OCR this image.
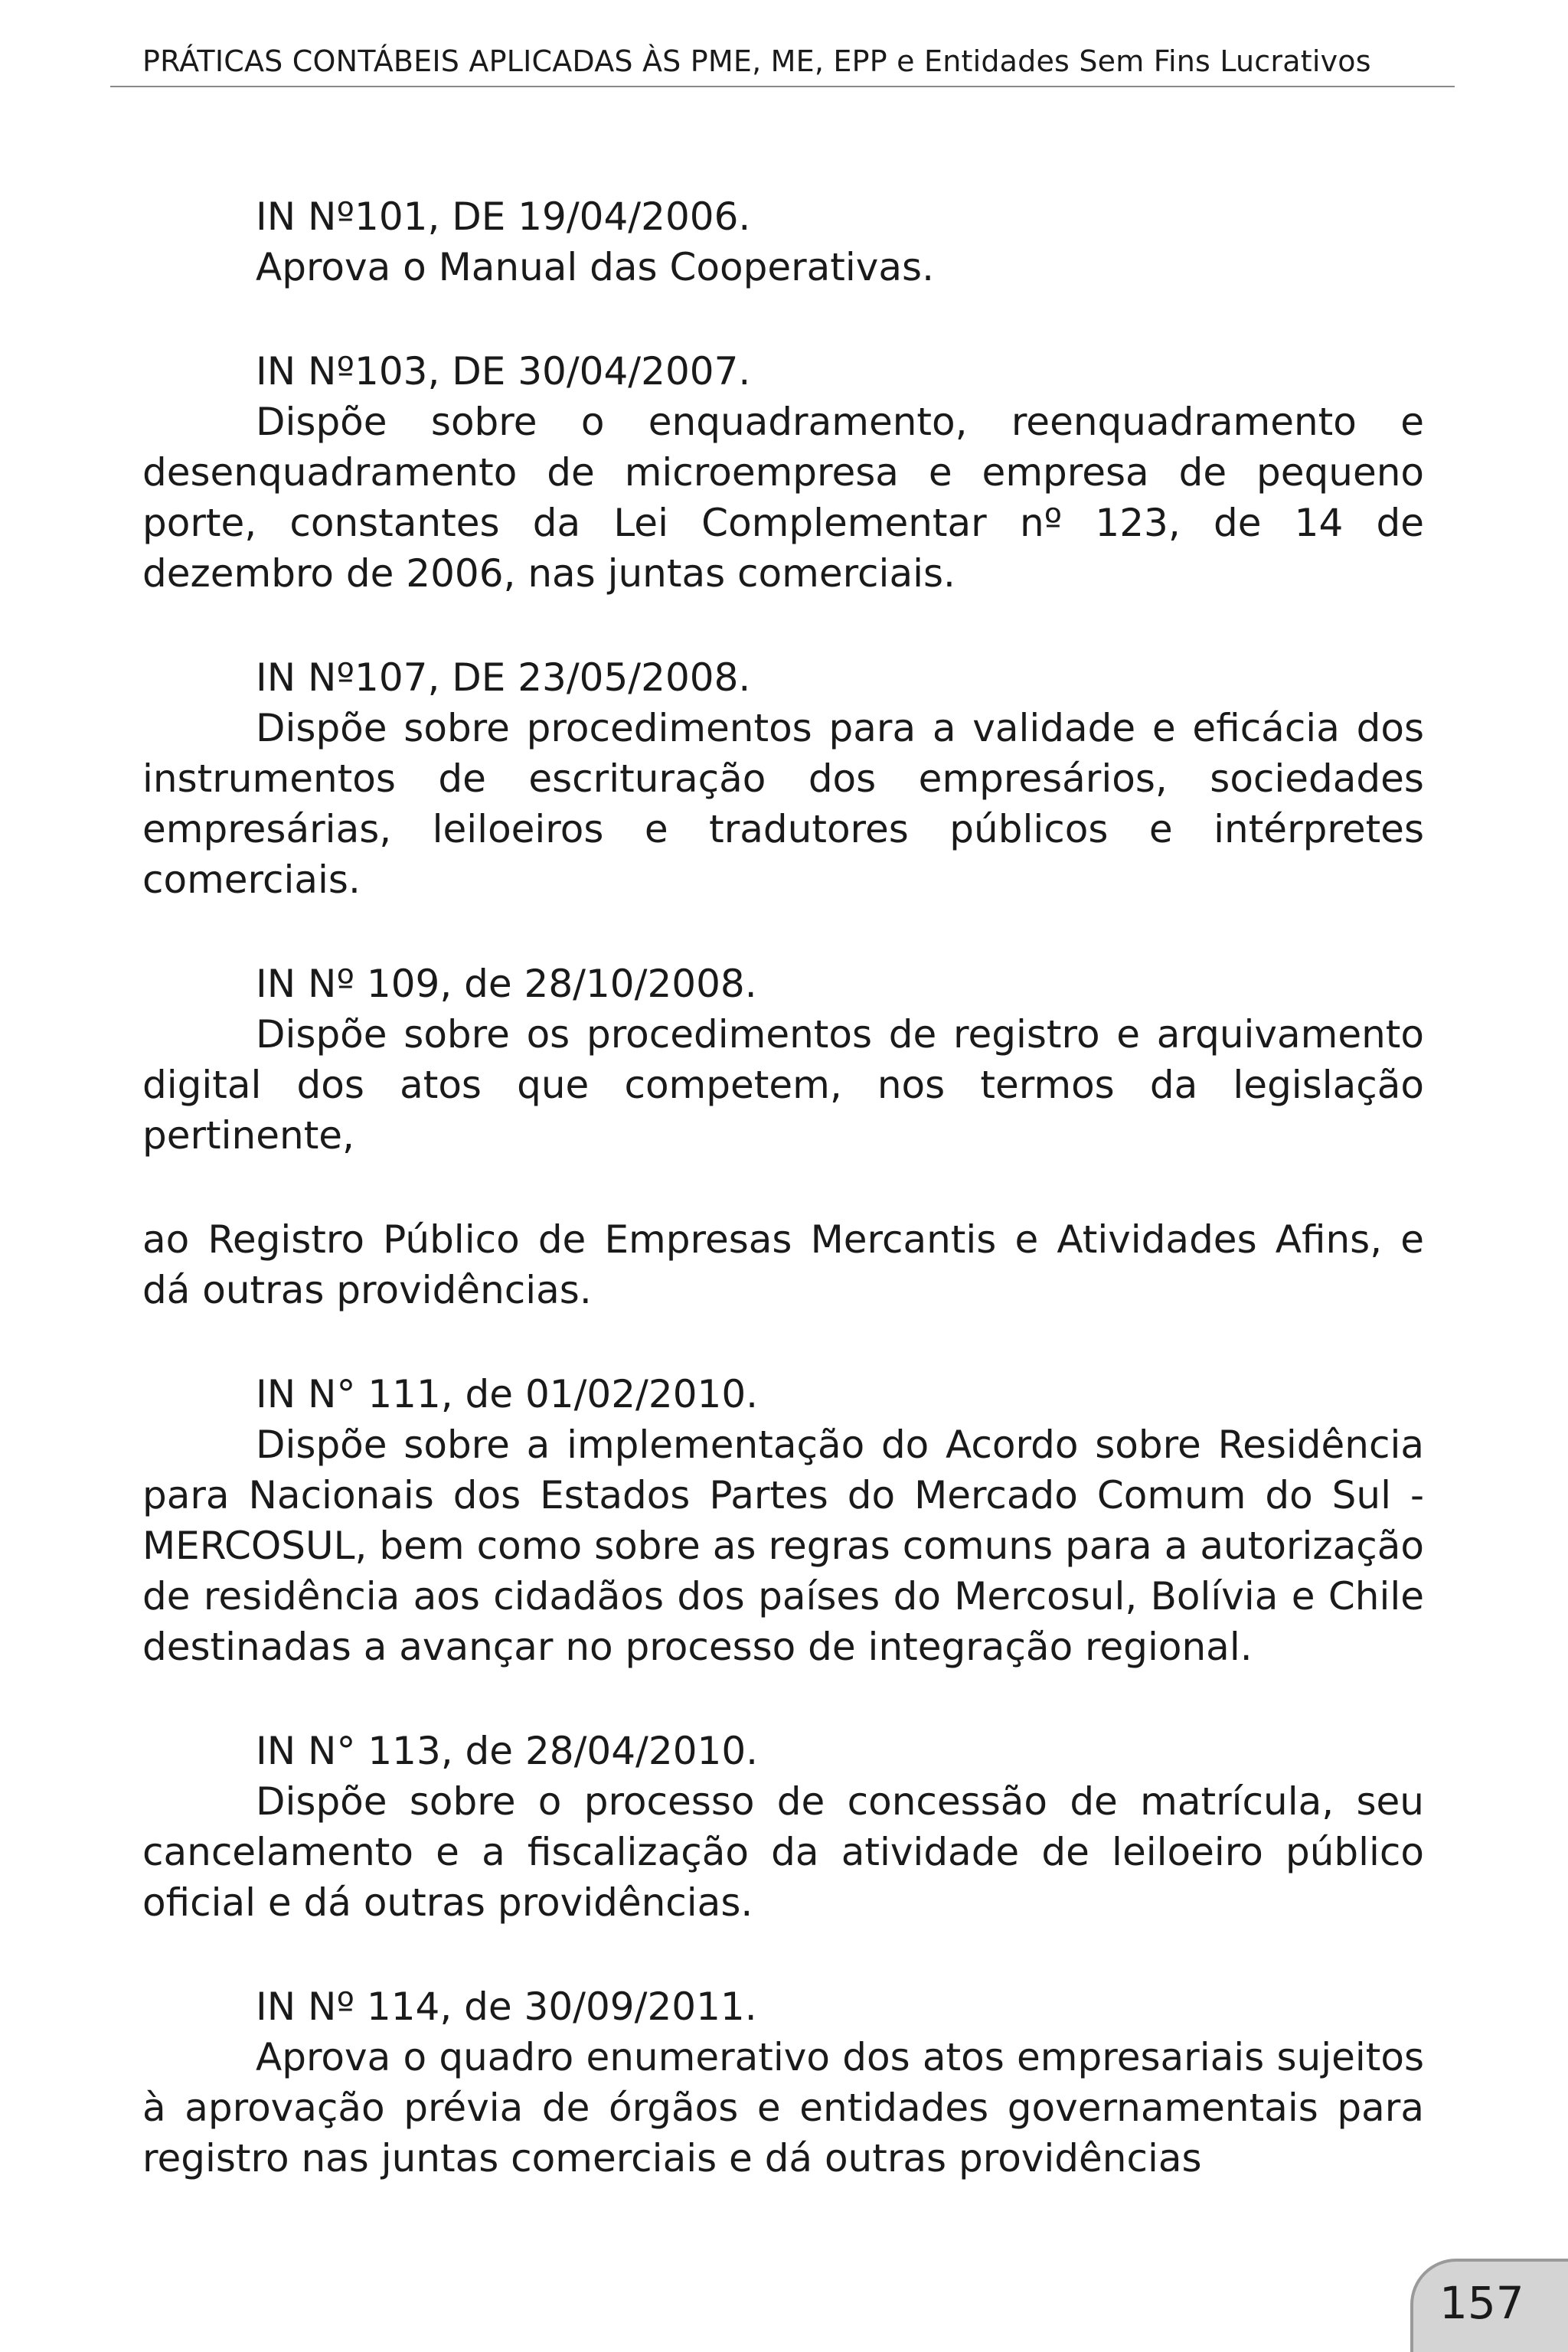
PRÁTICAS CONTÁBEIS APLICADAS ÀS PME, ME, EPP e Entidades Sem Fins Lucrativos

IN Nº101, DE 19/04/2006.

Aprova o Manual das Cooperativas.

IN Nº103, DE 30/04/2007.

Dispõe sobre o enquadramento, reenquadramento e desenquadramento de microempresa e empresa de pequeno porte, constantes da Lei Complementar nº 123, de 14 de dezembro de 2006, nas juntas comerciais.

IN Nº107, DE 23/05/2008.

Dispõe sobre procedimentos para a validade e eficácia dos instrumentos de escrituração dos empresários, sociedades empresárias, leiloeiros e tradutores públicos e intérpretes comerciais.

IN Nº 109, de 28/10/2008.

Dispõe sobre os procedimentos de registro e arquivamento digital dos atos que competem, nos termos da legislação pertinente,

ao Registro Público de Empresas Mercantis e Atividades Afins, e dá outras providências.

IN N° 111, de 01/02/2010.

Dispõe sobre a implementação do Acordo sobre Residência para Nacionais dos Estados Partes do Mercado Comum do Sul - MERCOSUL, bem como sobre as regras comuns para a autorização de residência aos cidadãos dos países do Mercosul, Bolívia e Chile destinadas a avançar no processo de integração regional.

IN N° 113, de 28/04/2010.

Dispõe sobre o processo de concessão de matrícula, seu cancelamento e a fiscalização da atividade de leiloeiro público oficial e dá outras providências.

IN Nº 114, de 30/09/2011.

Aprova o quadro enumerativo dos atos empresariais sujeitos à aprovação prévia de órgãos e entidades governamentais para registro nas juntas comerciais e dá outras providências

157
